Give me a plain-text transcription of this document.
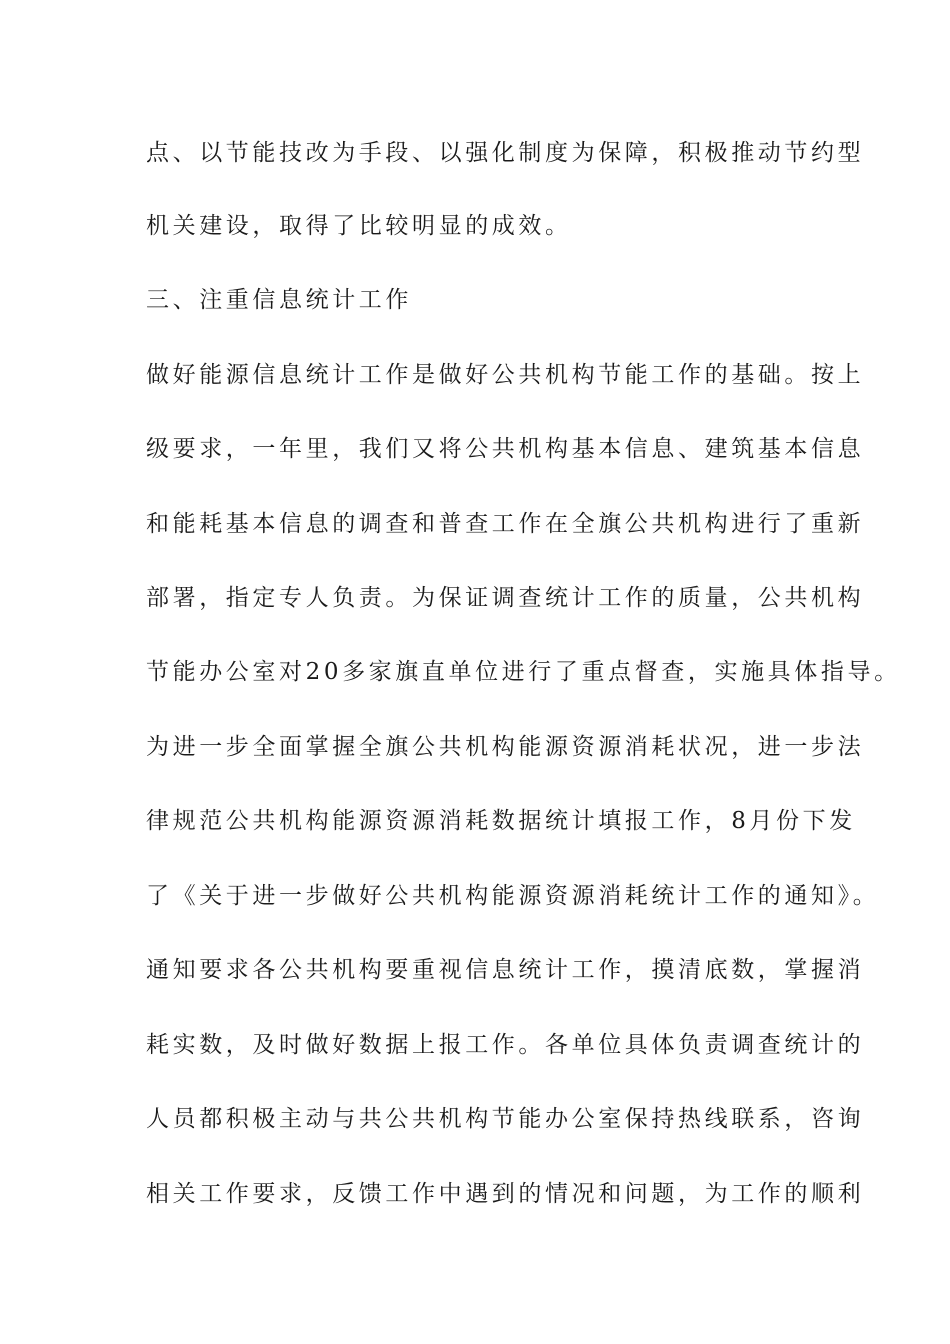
点、以节能技改为手段、以强化制度为保障，积极推动节约型
机关建设，取得了比较明显的成效。
三、注重信息统计工作
做好能源信息统计工作是做好公共机构节能工作的基础。按上
级要求，一年里，我们又将公共机构基本信息、建筑基本信息
和能耗基本信息的调查和普查工作在全旗公共机构进行了重新
部署，指定专人负责。为保证调查统计工作的质量，公共机构
节能办公室对20多家旗直单位进行了重点督查，实施具体指导。
为进一步全面掌握全旗公共机构能源资源消耗状况，进一步法
律规范公共机构能源资源消耗数据统计填报工作，8月份下发
了《关于进一步做好公共机构能源资源消耗统计工作的通知》。
通知要求各公共机构要重视信息统计工作，摸清底数，掌握消
耗实数，及时做好数据上报工作。各单位具体负责调查统计的
人员都积极主动与共公共机构节能办公室保持热线联系，咨询
相关工作要求，反馈工作中遇到的情况和问题，为工作的顺利
